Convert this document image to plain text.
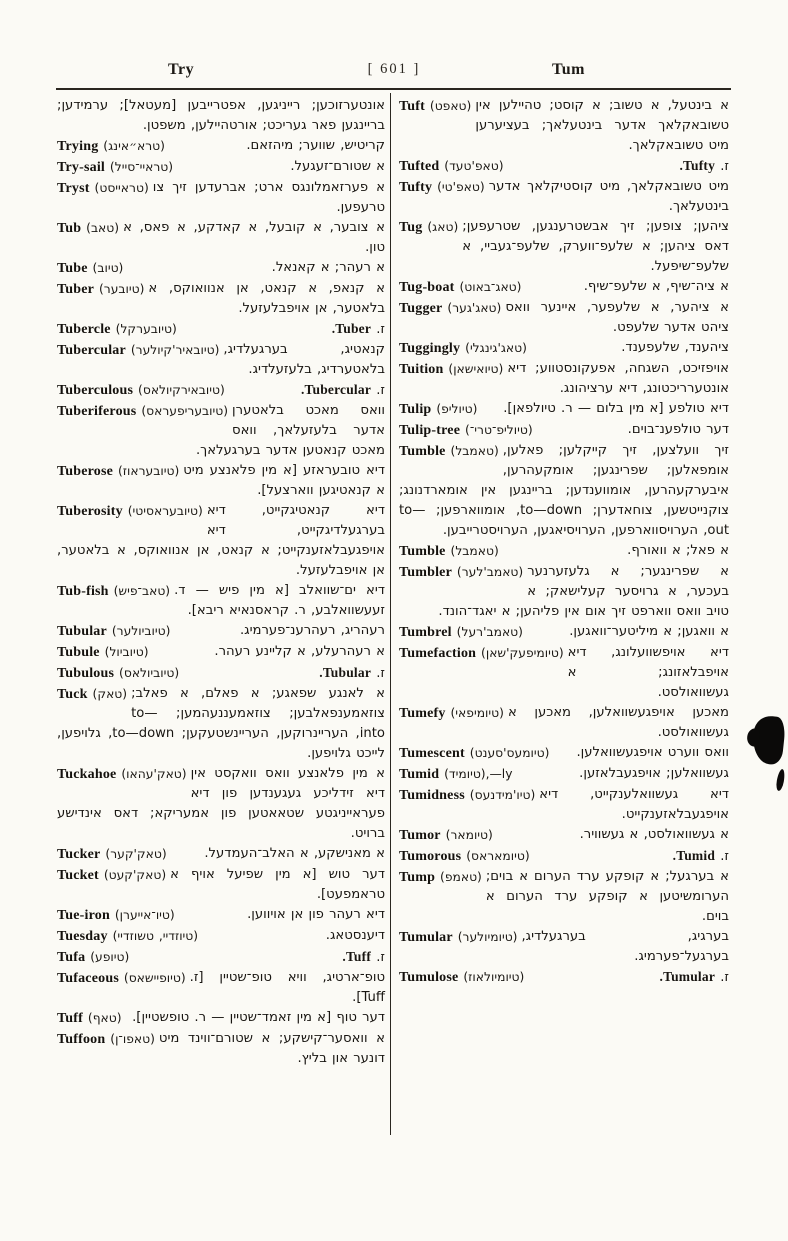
Try	[ 601 ]	Tum
אונטערזוכען; רייניגען, אפטרייבען [מעטאל]; ערמידען; בריינגען פאר געריכט; אורטהיילען, משפטן.
Trying (טרא״אינג)	קריטיש, שווער; מיהזאם.
Try-sail (טראיי־סייל)	א שטורם־זעגעל.
Tryst (טראייסט) א פערזאמלונגס ארט; אברעדען זיך צו טרעפען.
Tub (טאב) א צובער, א קובעל, א קאדקע, א פאס, א טון.
Tube (טיוב)	א רעהר; א קאנאל.
Tuber (טיובער) א קנאפ, א קנאט, אן אנוואוקס, א בלאטער, אן אויפבלעזעל.
Tubercle (טיובערקל)	ז. Tuber.
Tubercular (טיובאיר'קיולער) קנאטיג, בערגעלדיג, בלאטערדיג, בלעזעלדיג.
Tuberculous (טיובאירקיולאס)	ז. Tubercular.
Tuberiferous (טיובעריפעראס) וואס מאכט בלאטערן אדער בלעזעלאך, וואס מאכט קנאטען אדער בערגעלאך.
Tuberose (טיובעראוז) דיא טובעראזע [א מין פלאנצע מיט א קנאטיגען ווארצעל].
Tuberosity (טיובעראסיטי) דיא קנאטיגקייט, דיא בערגעלדיגקייט, דיא אויפגעבלאזענקייט; א קנאט, אן אנוואוקס, א בלאטער, אן אויפבלעזעל.
Tub-fish (טאב־פיש) דיא ים־שוואלב [א מין פיש — ד. זעעשוואלבע, ר. קראסנאיא ריבא].
Tubular (טיוביולער)	רעהריג, רעהרענ־פערמיג.
Tubule (טיוביול)	א רעהרעלע, א קליינע רעהר.
Tubulous (טיוביולאס)	ז. Tubular.
Tuck (טאק) א לאנגע שפאגע; א פאלם, א פאלב; צוזאמענפאלבען; צוזאמעננעהמען; to—into, העריינרוקען, העריינשטעקען; to—down, גלויפען, לייכט גלויפען.
Tuckahoe (טאק'עהאו) א מין פלאנצע וואס וואקסט אין דיא זידליכע געגענדען פון דיא פעראייניגטע שטאאטען פון אמעריקא; דאס אינדישע ברויט.
Tucker (טאק'קער)	א מאנישקע, א האלב־העמדעל.
Tucket (טאק'קעט) דער טוש [א מין שפיעל אויף א טראמפעט].
Tue-iron (טיו־אייערן)	דיא רעהר פון אן אויווען.
Tuesday (טיוזדיי, טשוזדיי)	דיענסטאג.
Tufa (טיופע)	ז. Tuff.
Tufaceous (טיופיישאס) טופ־ארטיג, וויא טופ־שטיין [ז. Tuff].
Tuff (טאף) דער טוף [א מין זאמד־שטיין — ר. טופשטיין].
Tuffoon (טאפו־ן) א וואסער־קישקע; א שטורם־ווינד מיט דונער און בליץ.
Tuft (טאפט) א בינטעל, א טשוב; א קוסט; טהיילען אין טשובאקלאך אדער בינטעלאך; בעציערען מיט טשובאקלאך.
Tufted (טאפ'טעד)	ז. Tufty.
Tufty (טאפ'טי) מיט טשובאקלאך, מיט קוסטיקלאך אדער בינטעלאך.
Tug (טאג) ציהען; צופען; זיך אבשטרענגען, שטרעפען; דאס ציהען; א שלעפ־ווערק, שלעפ־געביי, א שלעפ־שיפעל.
Tug-boat (טאג־באוט)	א ציה־שיף, א שלעפ־שיף.
Tugger (טאג'גער) א ציהער, א שלעפער, איינער וואס ציהט אדער שלעפט.
Tuggingly (טאג'גינגלי)	ציהענד, שלעפענד.
Tuition (טיואישאן) אויפזיכט, השגחה, אפעקונסטווע; דיא אונטערריכטונג, דיא ערציהונג.
Tulip (טיוליפ)	דיא טולפע [א מין בלום — ר. טיולפאן].
Tulip-tree (טיוליפ־טרי־)	דער טולפענ־בוים.
Tumble (טאמבל) זיך וועלצען, זיך קייקלען; פאלען, אומפאלען; שפרינגען; אומקעהרען, איבערקעהרען, אומווענדען; בריינגען אין אומארדנונג; צוקנייטשען, צוחאדערן; to—down, אומווארפען; to—out, הערויסווארפען, הערויסיאגען, הערויסטרייבען.
Tumble (טאמבל)	א פאל; א וואורף.
Tumbler (טאמב'לער) א שפרינגער; א גלעזערנער בעכער, א גרויסער קעלישאק; א טויב וואס ווארפט זיך אום אין פליהען; א יאגד־הונד.
Tumbrel (טאמב'רעל)	א וואגען; א מיליטער־וואגען.
Tumefaction (טיומיפעק'שאן) דיא אויפשוועלונג, דיא אויפבלאזונג; א געשוואולסט.
Tumefy (טיומיפאי) מאכען אויפגעשוואלען, מאכען א געשוואולסט.
Tumescent (טיומעס'סענט)	וואס ווערט אויפגעשוואלען.
Tumid (טיומיד),—ly	געשוואלען; אויפגעבלאזען.
Tumidness (טיו'מידנעס) דיא געשוואלענקייט, דיא אויפגעבלאזענקייט.
Tumor (טיומאר)	א געשוואולסט, א געשוויר.
Tumorous (טיומאראס)	ז. Tumid.
Tump (טאמפ) א בערגעל; א קופקע ערד הערום א בוים; הערומשיטען א קופקע ערד הערום א בוים.
Tumular (טיומיולער) בערגיג, בערגעלדיג, בערגעל־פערמיג.
Tumulose (טיומיולאוז)	ז. Tumular.
